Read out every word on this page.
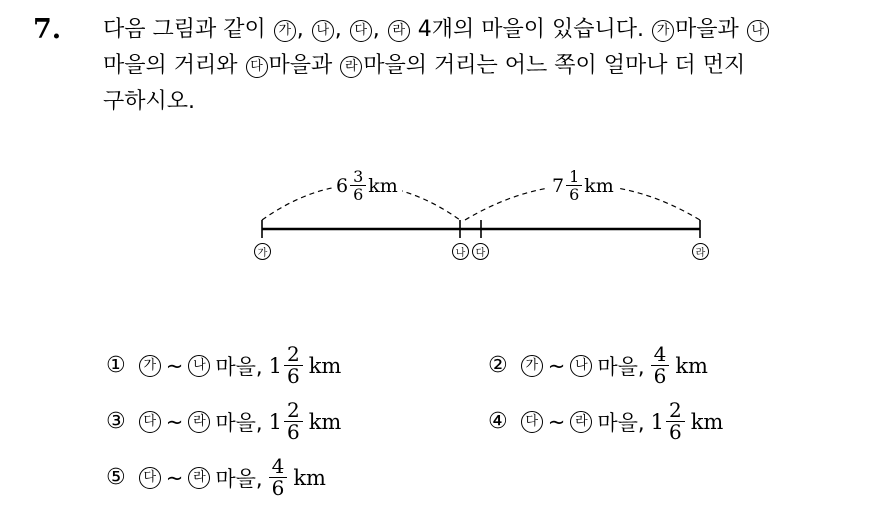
7. 다음 그림과 같이 가 , 나 , 다 , 라 4개의 마을이 있습니다. 가 마을과 나
마을의 거리와 다 마을과 라 마을의 거리는 어느 쪽이 얼마나 더 먼지
구하시오.
$6 \frac{3}{6}$ km	$7 \frac{1}{6}$ km
가	나	다	라
①	가 ~ 나 마을, $1 \frac{2}{6}$ km	②	가 ~ 나 마을, $\frac{4}{6}$ km
③	다 ~ 라 마을, $1 \frac{2}{6}$ km	④	다 ~ 라 마을, $1 \frac{2}{6}$ km
⑤	다 ~ 라 마을, $\frac{4}{6}$ km
